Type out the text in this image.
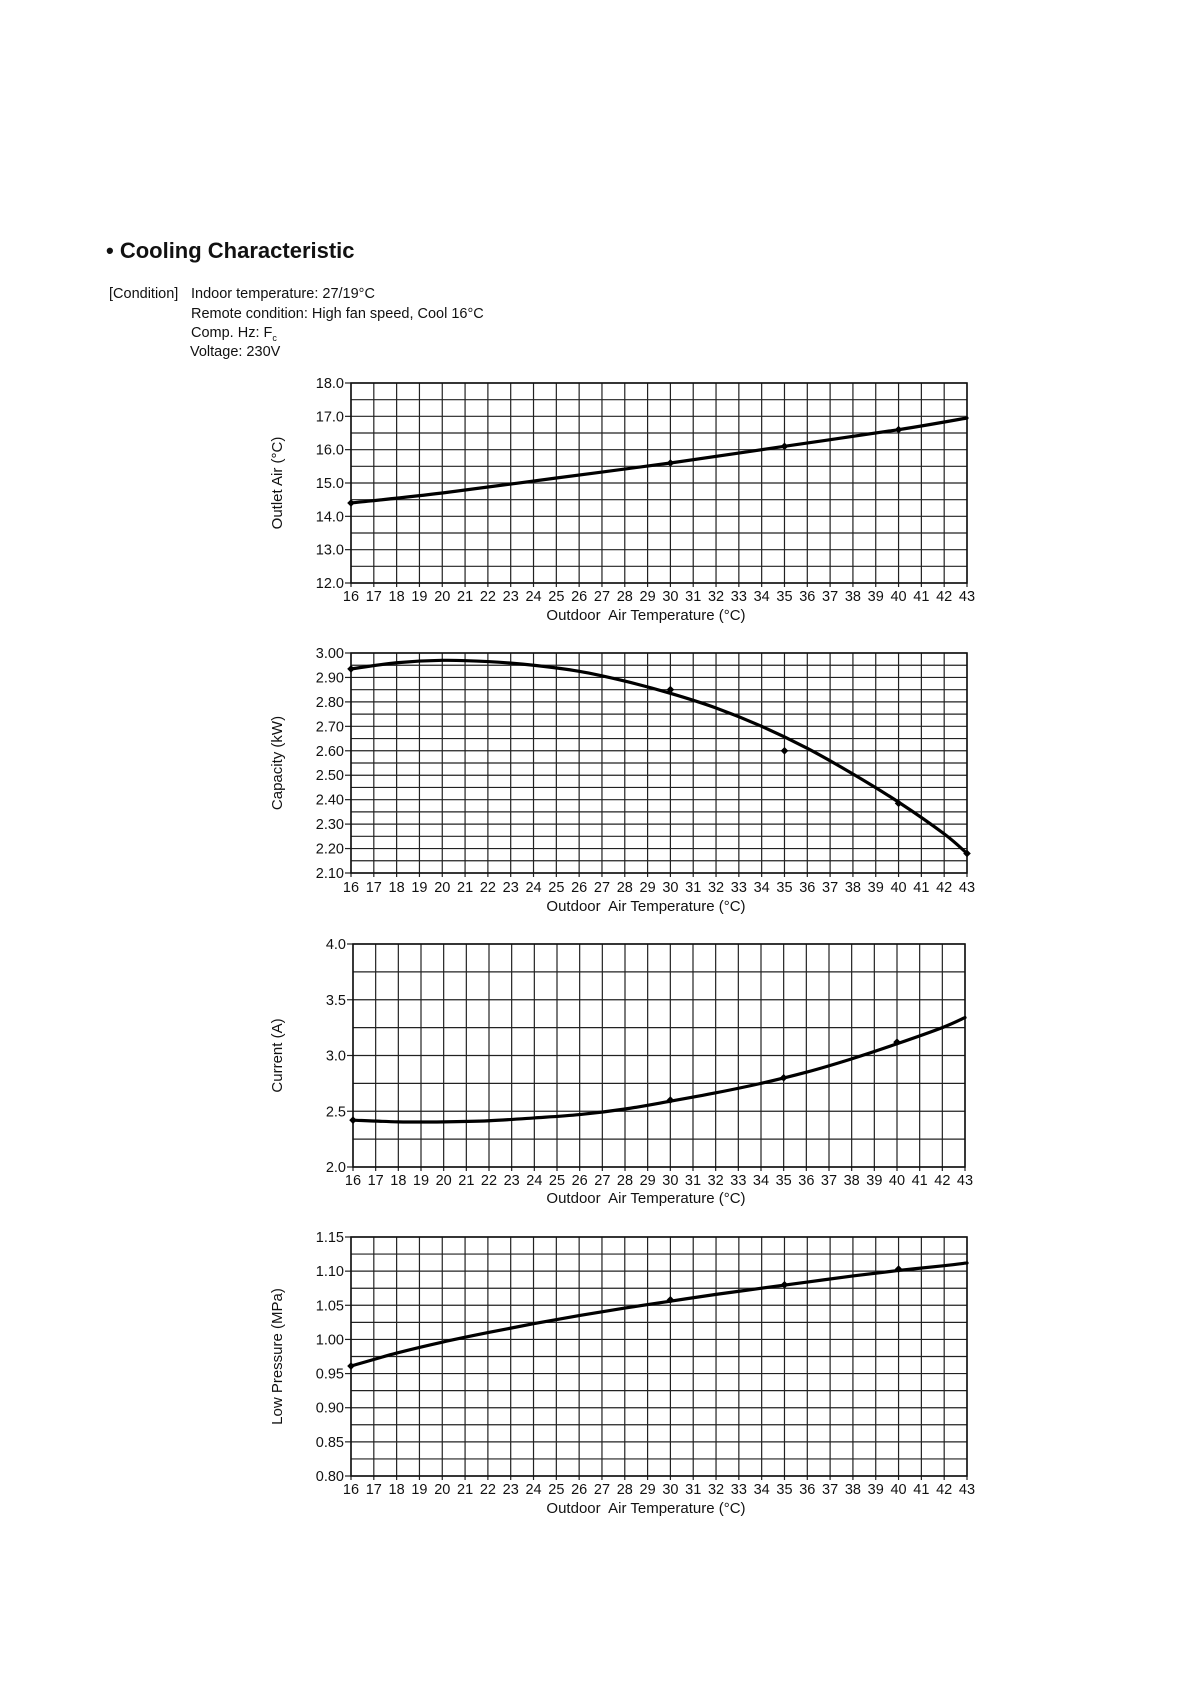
• Cooling Characteristic
[Condition] Indoor temperature: 27/19°C
Remote condition: High fan speed, Cool 16°C
Comp. Hz: $F_c$
Voltage: 230V
16 17 18 19 20 21 22 23 24 25 26 27 28 29 30 31 32 33 34 35 36 37 38 39 40 41 42 43
12.0
13.0
14.0
15.0
16.0
17.0
18.0
Outdoor  Air Temperature (°C)
Outlet Air (°C)
16 17 18 19 20 21 22 23 24 25 26 27 28 29 30 31 32 33 34 35 36 37 38 39 40 41 42 43
2.10
2.20
2.30
2.40
2.50
2.60
2.70
2.80
2.90
3.00
Outdoor  Air Temperature (°C)
Capacity (kW)
16 17 18 19 20 21 22 23 24 25 26 27 28 29 30 31 32 33 34 35 36 37 38 39 40 41 42 43
2.0
2.5
3.0
3.5
4.0
Outdoor  Air Temperature (°C)
Current (A)
16 17 18 19 20 21 22 23 24 25 26 27 28 29 30 31 32 33 34 35 36 37 38 39 40 41 42 43
0.80
0.85
0.90
0.95
1.00
1.05
1.10
1.15
Outdoor  Air Temperature (°C)
Low Pressure (MPa)
